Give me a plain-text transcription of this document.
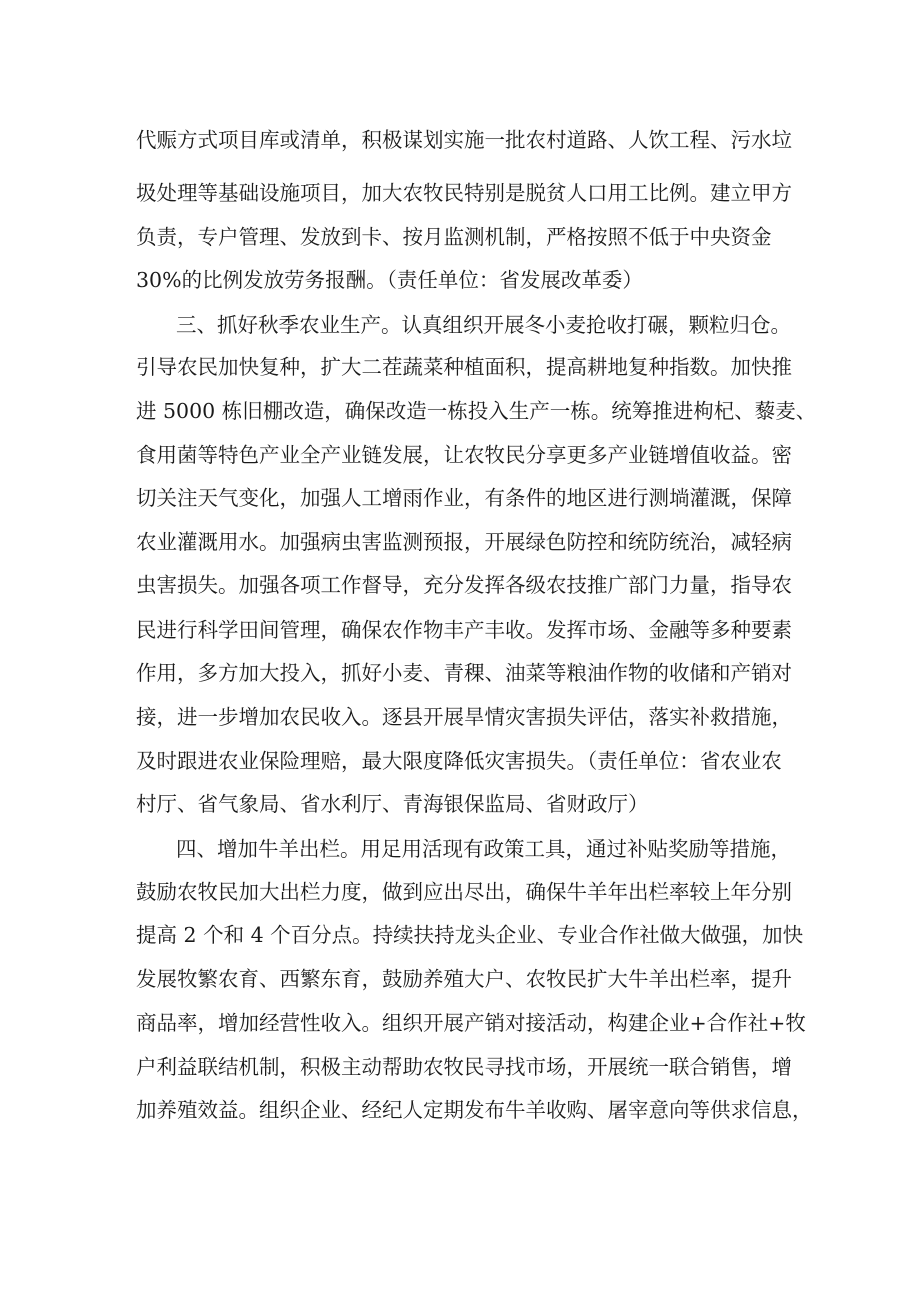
代赈方式项目库或清单，积极谋划实施一批农村道路、人饮工程、污水垃
圾处理等基础设施项目，加大农牧民特别是脱贫人口用工比例。建立甲方
负责，专户管理、发放到卡、按月监测机制，严格按照不低于中央资金
30%的比例发放劳务报酬。（责任单位：省发展改革委）
三、抓好秋季农业生产。认真组织开展冬小麦抢收打碾，颗粒归仓。
引导农民加快复种，扩大二茬蔬菜种植面积，提高耕地复种指数。加快推
进 5000 栋旧棚改造，确保改造一栋投入生产一栋。统筹推进枸杞、藜麦、
食用菌等特色产业全产业链发展，让农牧民分享更多产业链增值收益。密
切关注天气变化，加强人工增雨作业，有条件的地区进行测埫灌溉，保障
农业灌溉用水。加强病虫害监测预报，开展绿色防控和统防统治，减轻病
虫害损失。加强各项工作督导，充分发挥各级农技推广部门力量，指导农
民进行科学田间管理，确保农作物丰产丰收。发挥市场、金融等多种要素
作用，多方加大投入，抓好小麦、青稞、油菜等粮油作物的收储和产销对
接，进一步增加农民收入。逐县开展旱情灾害损失评估，落实补救措施，
及时跟进农业保险理赔，最大限度降低灾害损失。（责任单位：省农业农
村厅、省气象局、省水利厅、青海银保监局、省财政厅）
四、增加牛羊出栏。用足用活现有政策工具，通过补贴奖励等措施，
鼓励农牧民加大出栏力度，做到应出尽出，确保牛羊年出栏率较上年分别
提高 2 个和 4 个百分点。持续扶持龙头企业、专业合作社做大做强，加快
发展牧繁农育、西繁东育，鼓励养殖大户、农牧民扩大牛羊出栏率，提升
商品率，增加经营性收入。组织开展产销对接活动，构建企业+合作社+牧
户利益联结机制，积极主动帮助农牧民寻找市场，开展统一联合销售，增
加养殖效益。组织企业、经纪人定期发布牛羊收购、屠宰意向等供求信息，
